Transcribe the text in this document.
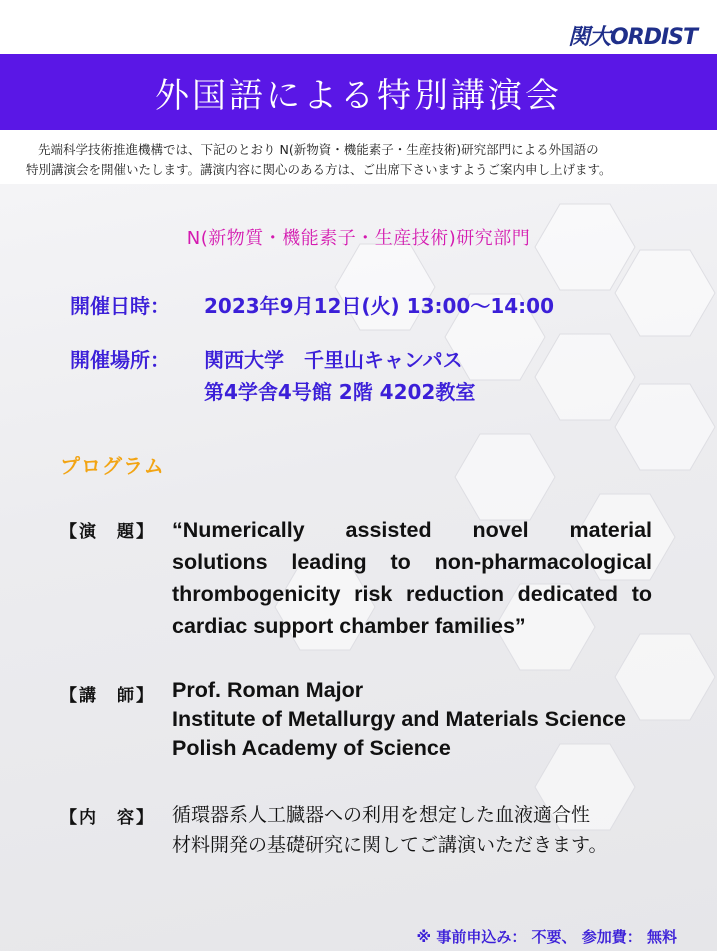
関大ORDIST
外国語による特別講演会

先端科学技術推進機構では、下記のとおり N(新物資・機能素子・生産技術)研究部門による外国語の

特別講演会を開催いたします。講演内容に関心のある方は、ご出席下さいますようご案内申し上げます。

N(新物質・機能素子・生産技術)研究部門
開催日時： 2023年9月12日(火) 13:00～14:00
開催場所： 関西大学　千里山キャンパス
第4学舎4号館 2階 4202教室
プログラム
【演　題】 “Numerically assisted novel material
solutions leading to non-pharmacological
thrombogenicity risk reduction dedicated to
cardiac support chamber families”
【講　師】 Prof. Roman Major
Institute of Metallurgy and Materials Science
Polish Academy of Science
【内　容】 循環器系人工臓器への利用を想定した血液適合性
材料開発の基礎研究に関してご講演いただきます。
※ 事前申込み： 不要、 参加費： 無料
